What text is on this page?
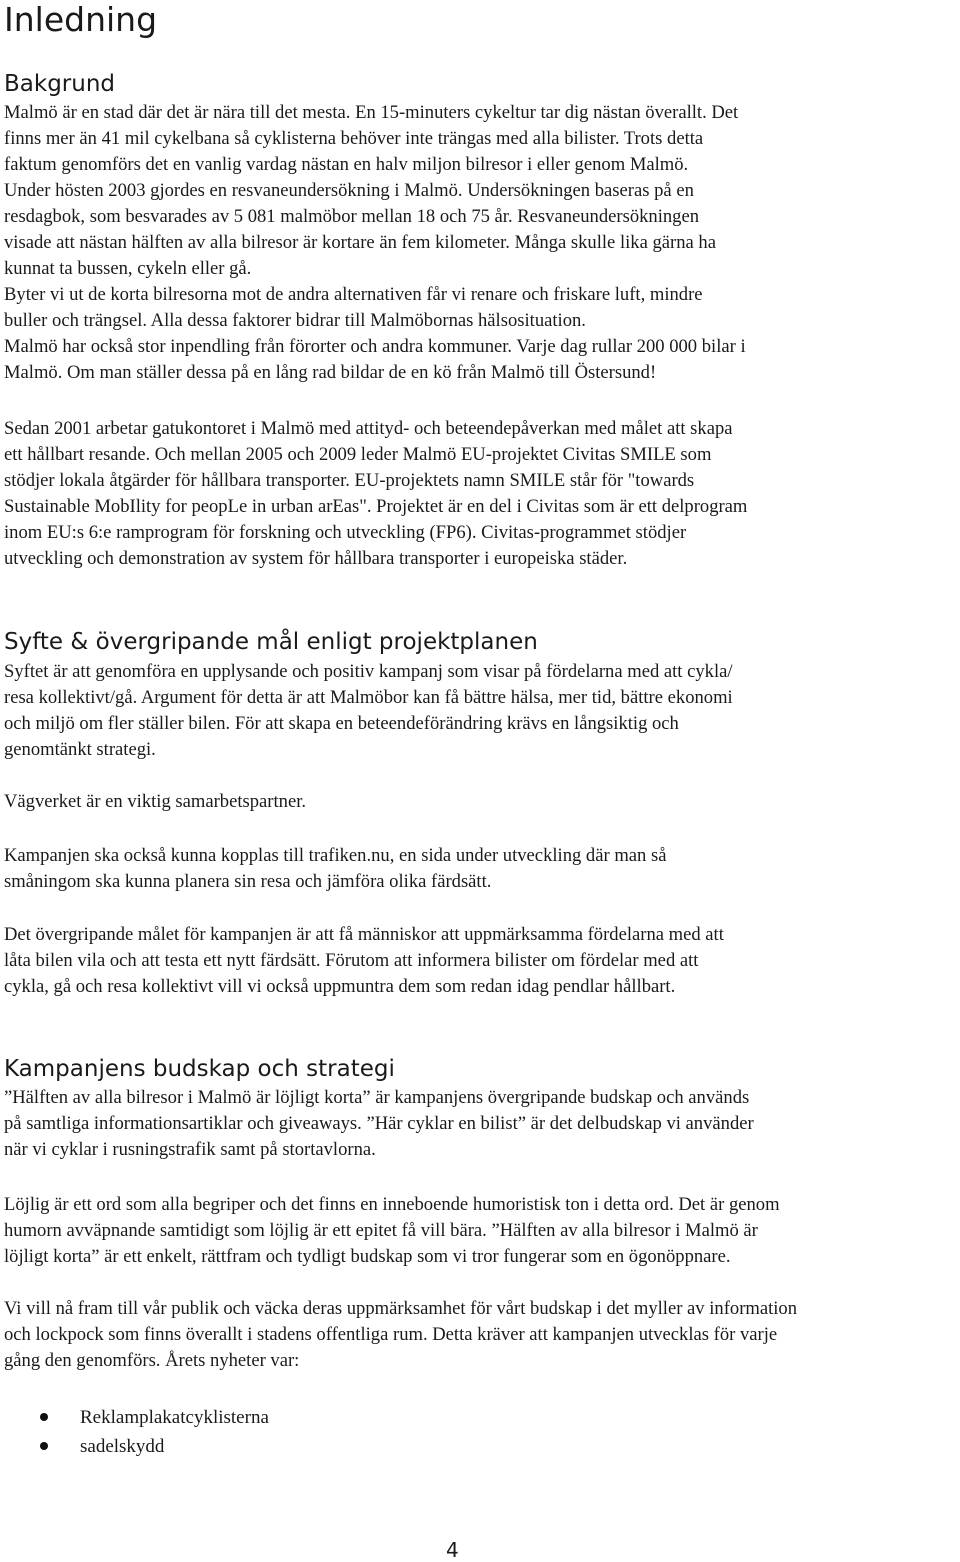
Inledning
Bakgrund
Malmö är en stad där det är nära till det mesta. En 15-minuters cykeltur tar dig nästan överallt. Det
finns mer än 41 mil cykelbana så cyklisterna behöver inte trängas med alla bilister. Trots detta
faktum genomförs det en vanlig vardag nästan en halv miljon bilresor i eller genom Malmö.
Under hösten 2003 gjordes en resvaneundersökning i Malmö. Undersökningen baseras på en
resdagbok, som besvarades av 5 081 malmöbor mellan 18 och 75 år. Resvaneundersökningen
visade att nästan hälften av alla bilresor är kortare än fem kilometer. Många skulle lika gärna ha
kunnat ta bussen, cykeln eller gå.
Byter vi ut de korta bilresorna mot de andra alternativen får vi renare och friskare luft, mindre
buller och trängsel. Alla dessa faktorer bidrar till Malmöbornas hälsosituation.
Malmö har också stor inpendling från förorter och andra kommuner. Varje dag rullar 200 000 bilar i
Malmö. Om man ställer dessa på en lång rad bildar de en kö från Malmö till Östersund!
Sedan 2001 arbetar gatukontoret i Malmö med attityd- och beteendepåverkan med målet att skapa
ett hållbart resande. Och mellan 2005 och 2009 leder Malmö EU-projektet Civitas SMILE som
stödjer lokala åtgärder för hållbara transporter. EU-projektets namn SMILE står för "towards
Sustainable MobIlity for peopLe in urban arEas". Projektet är en del i Civitas som är ett delprogram
inom EU:s 6:e ramprogram för forskning och utveckling (FP6). Civitas-programmet stödjer
utveckling och demonstration av system för hållbara transporter i europeiska städer.
Syfte & övergripande mål enligt projektplanen
Syftet är att genomföra en upplysande och positiv kampanj som visar på fördelarna med att cykla/
resa kollektivt/gå. Argument för detta är att Malmöbor kan få bättre hälsa, mer tid, bättre ekonomi
och miljö om fler ställer bilen. För att skapa en beteendeförändring krävs en långsiktig och
genomtänkt strategi.
Vägverket är en viktig samarbetspartner.
Kampanjen ska också kunna kopplas till trafiken.nu, en sida under utveckling där man så
småningom ska kunna planera sin resa och jämföra olika färdsätt.
Det övergripande målet för kampanjen är att få människor att uppmärksamma fördelarna med att
låta bilen vila och att testa ett nytt färdsätt. Förutom att informera bilister om fördelar med att
cykla, gå och resa kollektivt vill vi också uppmuntra dem som redan idag pendlar hållbart.
Kampanjens budskap och strategi
”Hälften av alla bilresor i Malmö är löjligt korta” är kampanjens övergripande budskap och används
på samtliga informationsartiklar och giveaways. ”Här cyklar en bilist” är det delbudskap vi använder
när vi cyklar i rusningstrafik samt på stortavlorna.
Löjlig är ett ord som alla begriper och det finns en inneboende humoristisk ton i detta ord. Det är genom
humorn avväpnande samtidigt som löjlig är ett epitet få vill bära. ”Hälften av alla bilresor i Malmö är
löjligt korta” är ett enkelt, rättfram och tydligt budskap som vi tror fungerar som en ögonöppnare.
Vi vill nå fram till vår publik och väcka deras uppmärksamhet för vårt budskap i det myller av information
och lockpock som finns överallt i stadens offentliga rum. Detta kräver att kampanjen utvecklas för varje
gång den genomförs. Årets nyheter var:
Reklamplakatcyklisterna
sadelskydd
4
